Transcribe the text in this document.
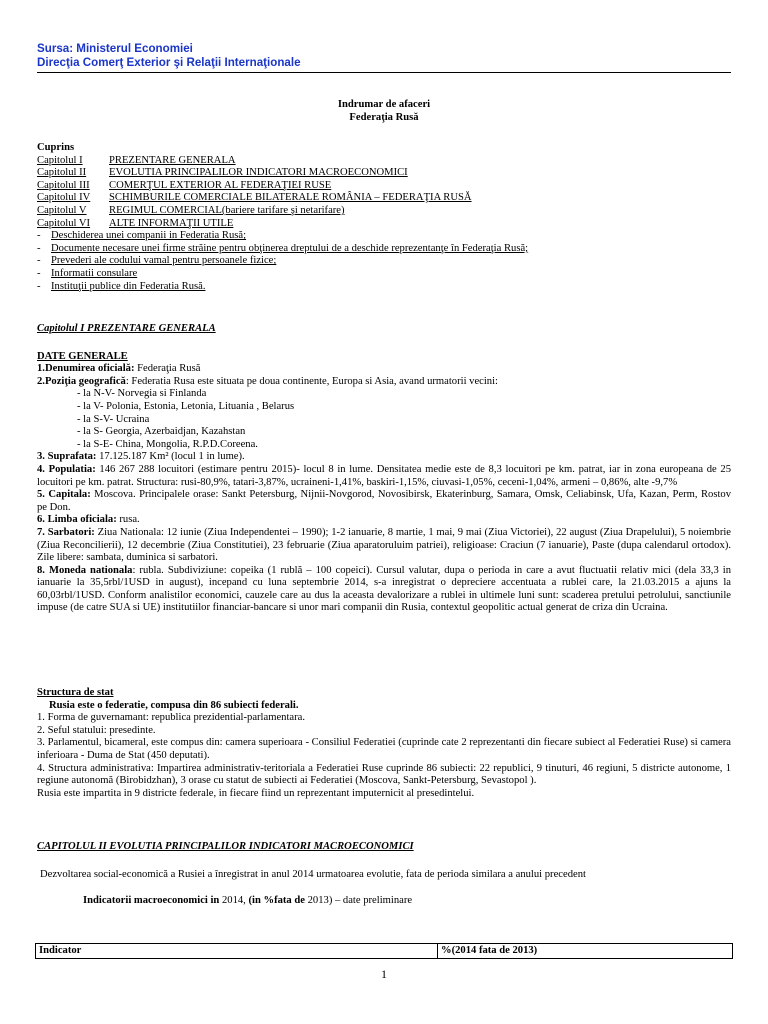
Sursa: Ministerul Economiei
Direcţia Comerţ Exterior şi Relaţii Internaţionale
Indrumar de afaceri
Federaţia Rusă
Cuprins
Capitolul I	PREZENTARE GENERALA
Capitolul II	EVOLUTIA PRINCIPALILOR INDICATORI MACROECONOMICI
Capitolul III	COMERŢUL EXTERIOR AL FEDERAŢIEI RUSE
Capitolul IV	SCHIMBURILE COMERCIALE BILATERALE ROMÂNIA – FEDERAŢIA RUSĂ
Capitolul V	REGIMUL COMERCIAL (bariere tarifare şi netarifare)
Capitolul VI	ALTE INFORMAŢII UTILE
- Deschiderea unei companii in Federatia Rusă;
- Documente necesare unei firme străine pentru obţinerea dreptului de a deschide reprezentanţe în Federaţia Rusă;
- Prevederi ale codului vamal pentru persoanele fizice;
- Informatii consulare
- Instituţii publice din Federatia Rusă.
Capitolul I PREZENTARE GENERALA
DATE GENERALE
1.Denumirea oficială: Federaţia Rusă
2.Poziţia geografică: Federatia Rusa este situata pe doua continente, Europa si Asia, avand urmatorii vecini:
- la N-V- Norvegia si Finlanda
- la V- Polonia, Estonia, Letonia, Lituania , Belarus
- la S-V- Ucraina
- la S- Georgia, Azerbaidjan, Kazahstan
- la S-E- China, Mongolia, R.P.D.Coreena.
3. Suprafata: 17.125.187 Km² (locul 1 in lume).
4. Populatia: 146 267 288 locuitori (estimare pentru 2015)- locul 8 in lume. Densitatea medie este de 8,3 locuitori pe km. patrat, iar in zona europeana de 25 locuitori pe km. patrat. Structura: rusi-80,9%, tatari-3,87%, ucraineni-1,41%, baskiri-1,15%, ciuvasi-1,05%, ceceni-1,04%, armeni – 0,86%, alte -9,7%
5. Capitala: Moscova. Principalele orase: Sankt Petersburg, Nijnii-Novgorod, Novosibirsk, Ekaterinburg, Samara, Omsk, Celiabinsk, Ufa, Kazan, Perm, Rostov pe Don.
6. Limba oficiala: rusa.
7. Sarbatori: Ziua Nationala: 12 iunie (Ziua Independentei – 1990); 1-2 ianuarie, 8 martie, 1 mai, 9 mai (Ziua Victoriei), 22 august (Ziua Drapelului), 5 noiembrie (Ziua Reconcilierii), 12 decembrie (Ziua Constitutiei), 23 februarie (Ziua aparatoruluim patriei), religioase: Craciun (7 ianuarie), Paste (dupa calendarul ortodox). Zile libere: sambata, duminica si sarbatori.
8. Moneda nationala: rubla. Subdiviziune: copeika (1 rublă – 100 copeici). Cursul valutar, dupa o perioda in care a avut fluctuatii relativ mici (dela 33,3 in ianuarie la 35,5rbl/1USD in august), incepand cu luna septembrie 2014, s-a inregistrat o depreciere accentuata a rublei care, la 21.03.2015 a ajuns la 60,03rbl/1USD. Conform analistilor economici, cauzele care au dus la aceasta devalorizare a rublei in ultimele luni sunt: scaderea pretului petrolului, sanctiunile impuse (de catre SUA si UE) institutiilor financiar-bancare si unor mari companii din Rusia, contextul geopolitic actual generat de criza din Ucraina.
Structura de stat
Rusia este o federatie, compusa din 86 subiecti federali.
1. Forma de guvernamant: republica prezidential-parlamentara.
2. Seful statului: presedinte.
3. Parlamentul, bicameral, este compus din: camera superioara - Consiliul Federatiei (cuprinde cate 2 reprezentanti din fiecare subiect al Federatiei Ruse) si camera inferioara - Duma de Stat (450 deputati).
4. Structura administrativa: Impartirea administrativ-teritoriala a Federatiei Ruse cuprinde 86 subiecti: 22 republici, 9 tinuturi, 46 regiuni, 5 districte autonome, 1 regiune autonomă (Birobidzhan), 3 orase cu statut de subiecti ai Federatiei (Moscova, Sankt-Petersburg, Sevastopol ).
Rusia este impartita in 9 districte federale, in fiecare fiind un reprezentant imputernicit al presedintelui.
CAPITOLUL II EVOLUTIA PRINCIPALILOR INDICATORI MACROECONOMICI
Dezvoltarea social-economică a Rusiei a înregistrat in anul 2014 urmatoarea evolutie, fata de perioda similara a anului precedent
Indicatorii macroeconomici in 2014, (in %fata de 2013) – date preliminare
Indicator	%(2014 fata de 2013)
1
